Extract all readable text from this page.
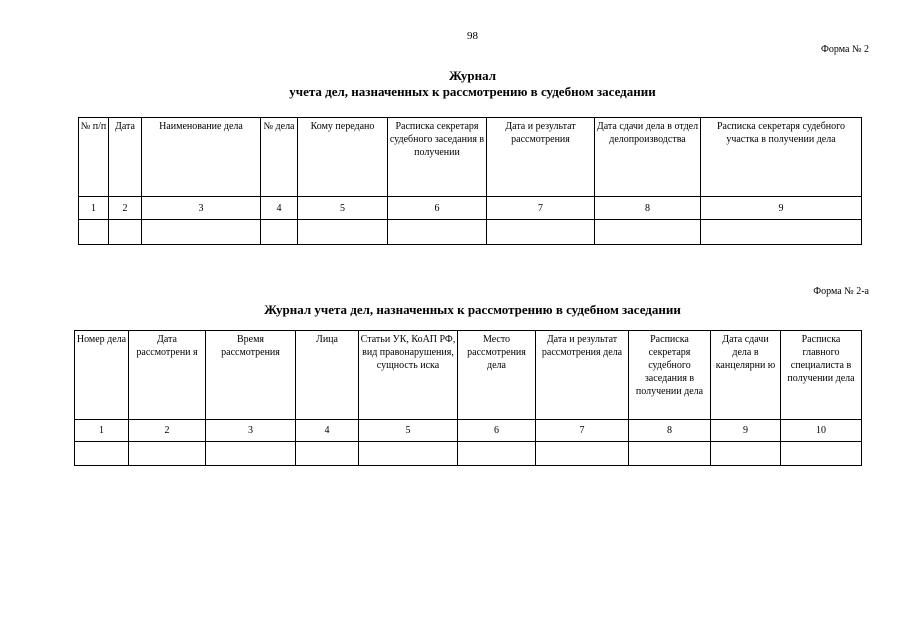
98
Форма № 2
Журнал
учета дел, назначенных к рассмотрению в судебном заседании
№ п/п	Дата	Наименование дела	№ дела	Кому передано	Расписка секретаря судебного заседания в получении	Дата и результат рассмотрения	Дата сдачи дела в отдел делопроизводства	Расписка секретаря судебного участка в получении дела
1	2	3	4	5	6	7	8	9

Форма № 2-а
Журнал учета дел, назначенных к рассмотрению в судебном заседании
Номер дела	Дата рассмотрени я	Время рассмотрения	Лица	Статьи УК, КоАП РФ, вид правонарушения, сущность иска	Место рассмотрения дела	Дата и результат рассмотрения дела	Расписка секретаря судебного заседания в получении дела	Дата сдачи дела в канцелярни ю	Расписка главного специалиста в получении дела
1	2	3	4	5	6	7	8	9	10
